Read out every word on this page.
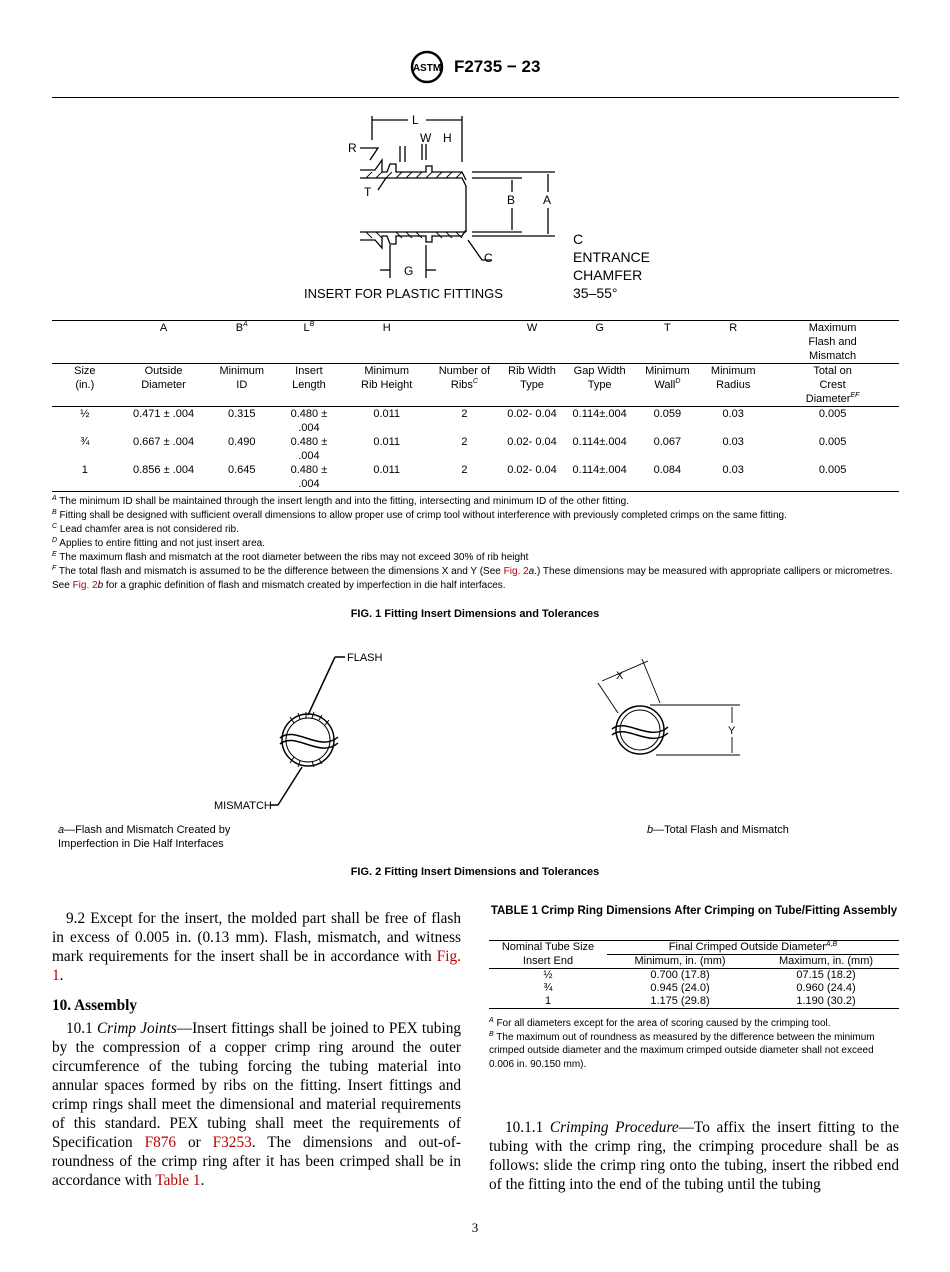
ASTM F2735 − 23
L
W H
R
T
B A
G
C
INSERT FOR PLASTIC FITTINGS
C
ENTRANCE
CHAMFER
35–55°
	A	$B^A$	$L^B$	H		W	G	T	R	Maximum Flash and Mismatch
Size (in.)	Outside Diameter	Minimum ID	Insert Length	Minimum Rib Height	Number of Ribs$^C$	Rib Width Type	Gap Width Type	Minimum Wall$^D$	Minimum Radius	Total on Crest Diameter$^{EF}$
½	0.471 ± .004	0.315	0.480 ± .004	0.011	2	0.02- 0.04	0.114±.004	0.059	0.03	0.005
¾	0.667 ± .004	0.490	0.480 ± .004	0.011	2	0.02- 0.04	0.114±.004	0.067	0.03	0.005
1	0.856 ± .004	0.645	0.480 ± .004	0.011	2	0.02- 0.04	0.114±.004	0.084	0.03	0.005
$^A$ The minimum ID shall be maintained through the insert length and into the fitting, intersecting and minimum ID of the other fitting.
$^B$ Fitting shall be designed with sufficient overall dimensions to allow proper use of crimp tool without interference with previously completed crimps on the same fitting.
$^C$ Lead chamfer area is not considered rib.
$^D$ Applies to entire fitting and not just insert area.
$^E$ The maximum flash and mismatch at the root diameter between the ribs may not exceed 30% of rib height
$^F$ The total flash and mismatch is assumed to be the difference between the dimensions X and Y (See Fig. 2a.) These dimensions may be measured with appropriate callipers or micrometres. See Fig. 2b for a graphic definition of flash and mismatch created by imperfection in die half interfaces.
FIG. 1 Fitting Insert Dimensions and Tolerances
FLASH
MISMATCH
X
Y
a—Flash and Mismatch Created by
Imperfection in Die Half Interfaces
b—Total Flash and Mismatch
FIG. 2 Fitting Insert Dimensions and Tolerances

9.2 Except for the insert, the molded part shall be free of flash in excess of 0.005 in. (0.13 mm). Flash, mismatch, and witness mark requirements for the insert shall be in accordance with Fig. 1.

10. Assembly

10.1 Crimp Joints—Insert fittings shall be joined to PEX tubing by the compression of a copper crimp ring around the outer circumference of the tubing forcing the tubing material into annular spaces formed by ribs on the fitting. Insert fittings and crimp rings shall meet the dimensional and material requirements of this standard. PEX tubing shall meet the requirements of Specification F876 or F3253. The dimensions and out-of-roundness of the crimp ring after it has been crimped shall be in accordance with Table 1.

TABLE 1 Crimp Ring Dimensions After Crimping on Tube/Fitting Assembly
Nominal Tube Size	Final Crimped Outside Diameter$^{A,B}$
Insert End	Minimum, in. (mm)	Maximum, in. (mm)
½	0.700 (17.8)	07.15 (18.2)
¾	0.945 (24.0)	0.960 (24.4)
1	1.175 (29.8)	1.190 (30.2)
$^A$ For all diameters except for the area of scoring caused by the crimping tool.
$^B$ The maximum out of roundness as measured by the difference between the minimum crimped outside diameter and the maximum crimped outside diameter shall not exceed 0.006 in. 90.150 mm).

10.1.1 Crimping Procedure—To affix the insert fitting to the tubing with the crimp ring, the crimping procedure shall be as follows: slide the crimp ring onto the tubing, insert the ribbed end of the fitting into the end of the tubing until the tubing

3
